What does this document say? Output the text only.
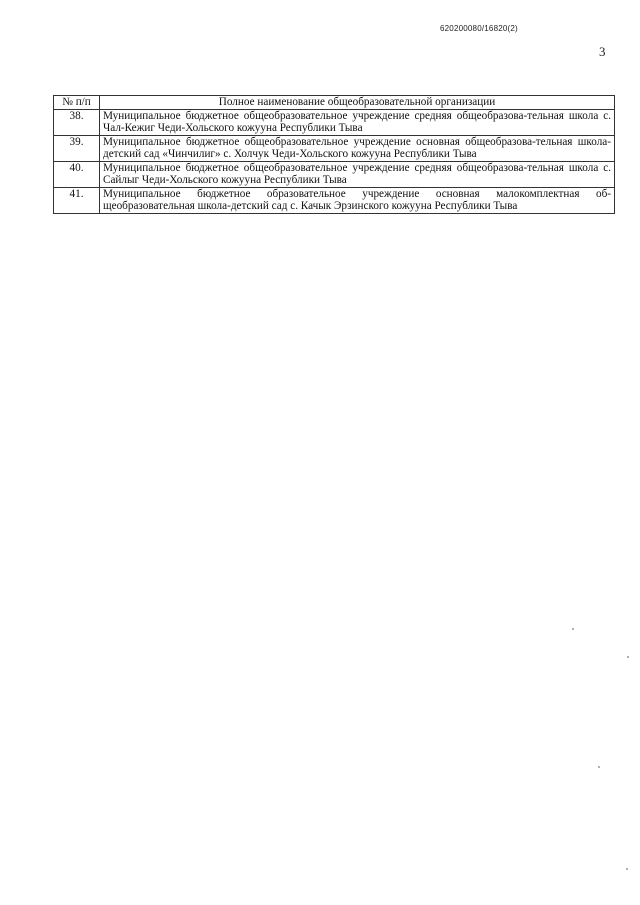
620200080/16820(2)
3
№ п/п	Полное наименование общеобразовательной организации
38.	Муниципальное бюджетное общеобразовательное учреждение средняя общеобразова-тельная школа с. Чал-Кежиг Чеди-Хольского кожууна Республики Тыва
39.	Муниципальное бюджетное общеобразовательное учреждение основная общеобразова-тельная школа-детский сад «Чинчилиг» с. Холчук Чеди-Хольского кожууна Республики Тыва
40.	Муниципальное бюджетное общеобразовательное учреждение средняя общеобразова-тельная школа с. Сайлыг Чеди-Хольского кожууна Республики Тыва
41.	Муниципальное бюджетное образовательное учреждение основная малокомплектная об-щеобразовательная школа-детский сад с. Качык Эрзинского кожууна Республики Тыва
